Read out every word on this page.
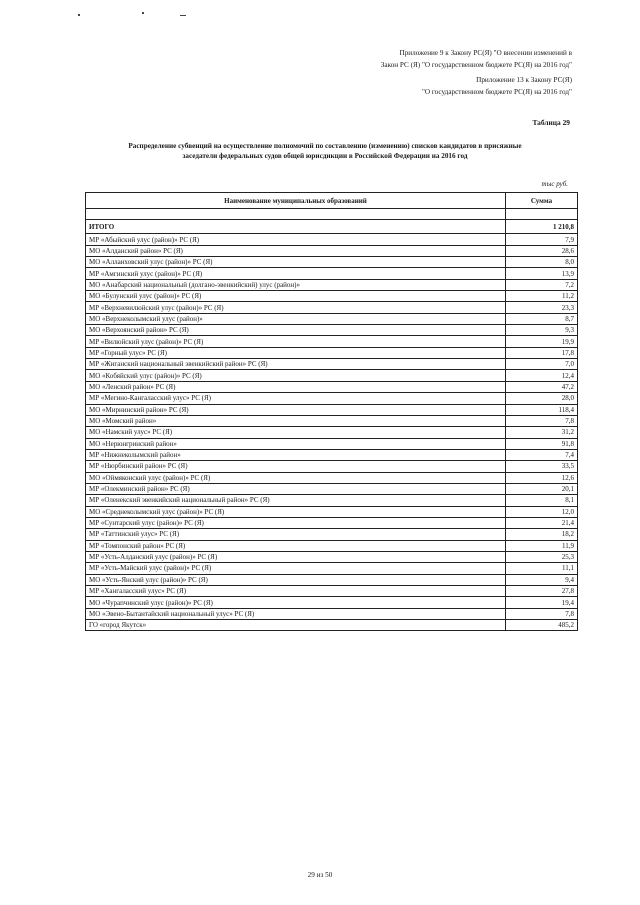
Приложение 9 к Закону РС(Я) "О внесении изменений в
Закон РС (Я) "О государственном бюджете РС(Я) на 2016 год"
Приложение 13 к Закону РС(Я)
"О государственном бюджете РС(Я) на 2016 год"
Таблица 29
Распределение субвенций на осуществление полномочий по составлению (изменению) списков кандидатов в присяжные
заседатели федеральных судов общей юрисдикции в Российской Федерации на 2016 год
тыс руб.
Наименование муниципальных образований	Сумма

ИТОГО	1 210,8
МР «Абыйский улус (район)» РС (Я)	7,9
МО «Алданский район» РС (Я)	28,6
МО «Аллаиховский улус (район)» РС (Я)	8,0
МР «Амгинский улус (район)» РС (Я)	13,9
МО «Анабарский национальный (долгано-эвенкийский) улус (район)»	7,2
МО «Булунский улус (район)» РС (Я)	11,2
МР «Верхневилюйский улус (район)» РС (Я)	23,3
МО «Верхнеколымский улус (район)»	8,7
МО «Верхоянский район» РС (Я)	9,3
МР «Вилюйский улус (район)» РС (Я)	19,9
МР «Горный улус» РС (Я)	17,8
МР «Жиганский национальный эвенкийский район» РС (Я)	7,0
МО «Кобяйский улус (район)» РС (Я)	12,4
МО «Ленский район» РС (Я)	47,2
МР «Мегино-Кангаласский улус» РС (Я)	28,0
МО «Мирнинский район» РС (Я)	118,4
МО «Момский район»	7,8
МО «Намский улус» РС (Я)	31,2
МО «Нерюнгринский район»	91,8
МР «Нижнеколымский район»	7,4
МР «Нюрбинский район» РС (Я)	33,5
МО «Оймяконский улус (район)» РС (Я)	12,6
МР «Олекминский район» РС (Я)	20,1
МР «Оленекский эвенкийский национальный район» РС (Я)	8,1
МО «Среднеколымский улус (район)» РС (Я)	12,0
МР «Сунтарский улус (район)» РС (Я)	21,4
МР «Таттинский улус» РС (Я)	18,2
МР «Томпонский район» РС (Я)	11,9
МР «Усть-Алданский улус (район)» РС (Я)	25,3
МР «Усть-Майский улус (район)» РС (Я)	11,1
МО «Усть-Янский улус (район)» РС (Я)	9,4
МР «Хангаласский улус» РС (Я)	27,8
МО «Чурапчинский улус (район)» РС (Я)	19,4
МО «Эвено-Бытантайский национальный улус» РС (Я)	7,8
ГО «город Якутск»	485,2
29 из 50
